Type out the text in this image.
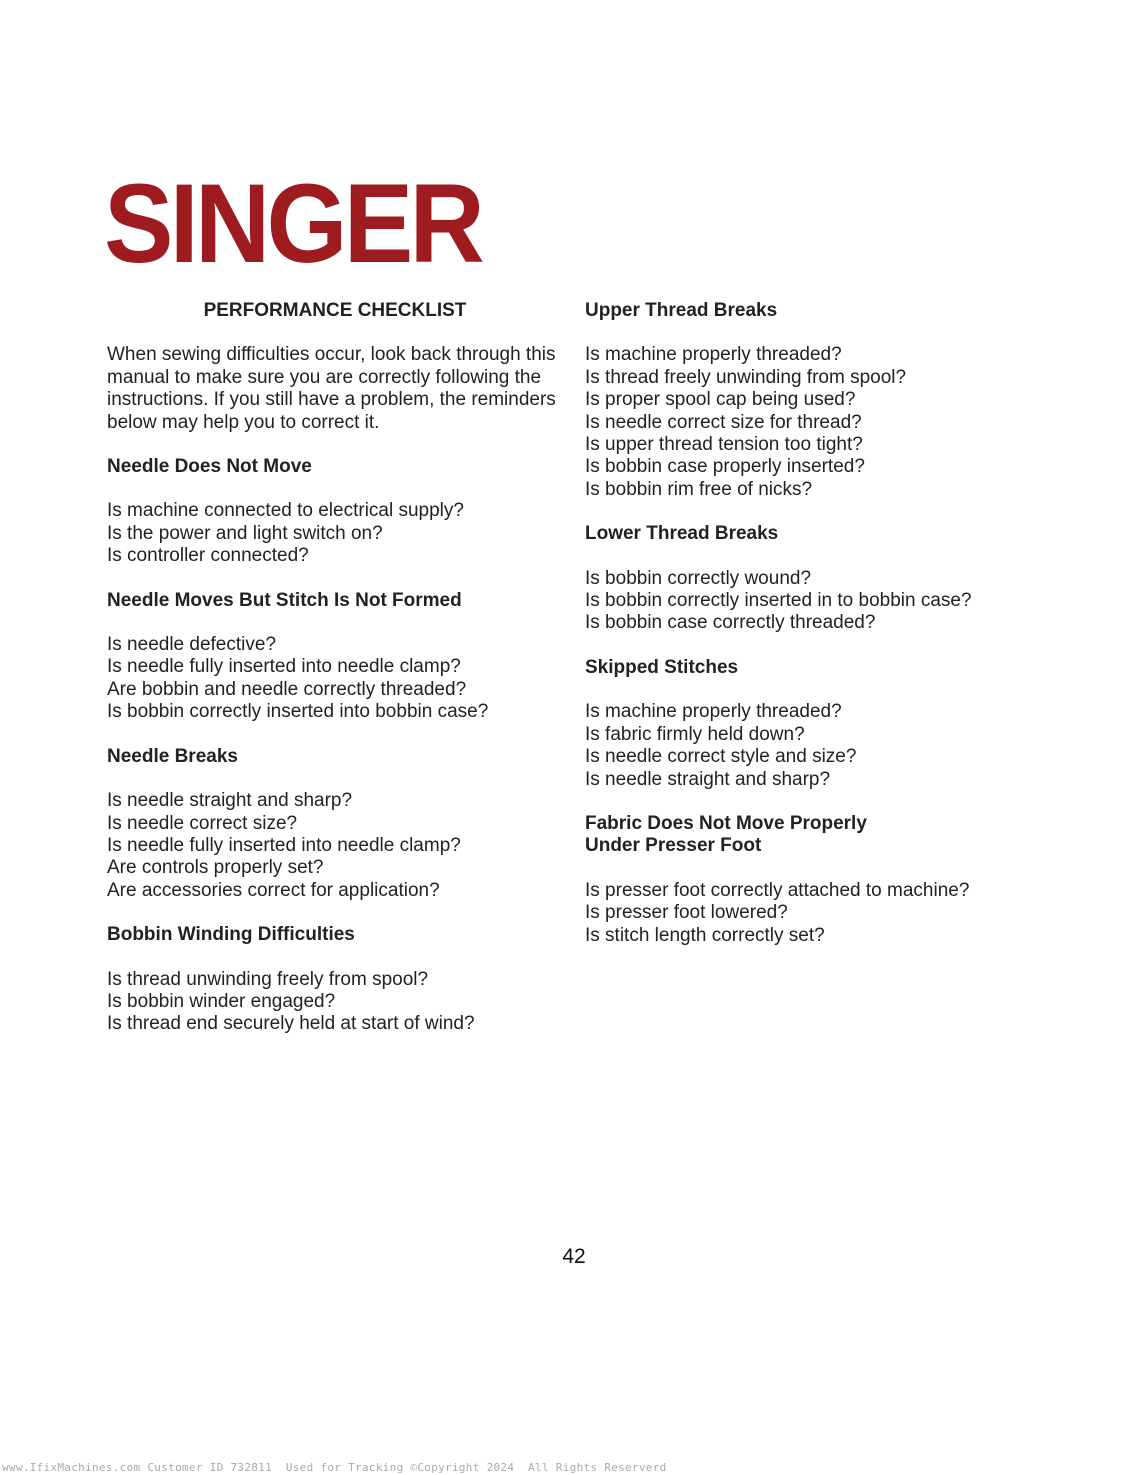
SINGER
PERFORMANCE CHECKLIST

When sewing difficulties occur, look back through this manual to make sure you are correctly following the instructions. If you still have a problem, the reminders below may help you to correct it.

Needle Does Not Move
Is machine connected to electrical supply?
Is the power and light switch on?
Is controller connected?
Needle Moves But Stitch Is Not Formed
Is needle defective?
Is needle fully inserted into needle clamp?
Are bobbin and needle correctly threaded?
Is bobbin correctly inserted into bobbin case?
Needle Breaks
Is needle straight and sharp?
Is needle correct size?
Is needle fully inserted into needle clamp?
Are controls properly set?
Are accessories correct for application?
Bobbin Winding Difficulties
Is thread unwinding freely from spool?
Is bobbin winder engaged?
Is thread end securely held at start of wind?
Upper Thread Breaks
Is machine properly threaded?
Is thread freely unwinding from spool?
Is proper spool cap being used?
Is needle correct size for thread?
Is upper thread tension too tight?
Is bobbin case properly inserted?
Is bobbin rim free of nicks?
Lower Thread Breaks
Is bobbin correctly wound?
Is bobbin correctly inserted in to bobbin case?
Is bobbin case correctly threaded?
Skipped Stitches
Is machine properly threaded?
Is fabric firmly held down?
Is needle correct style and size?
Is needle straight and sharp?
Fabric Does Not Move Properly
Under Presser Foot
Is presser foot correctly attached to machine?
Is presser foot lowered?
Is stitch length correctly set?
42
www.IfixMachines.com Customer ID 732811  Used for Tracking ©Copyright 2024  All Rights Reserverd
